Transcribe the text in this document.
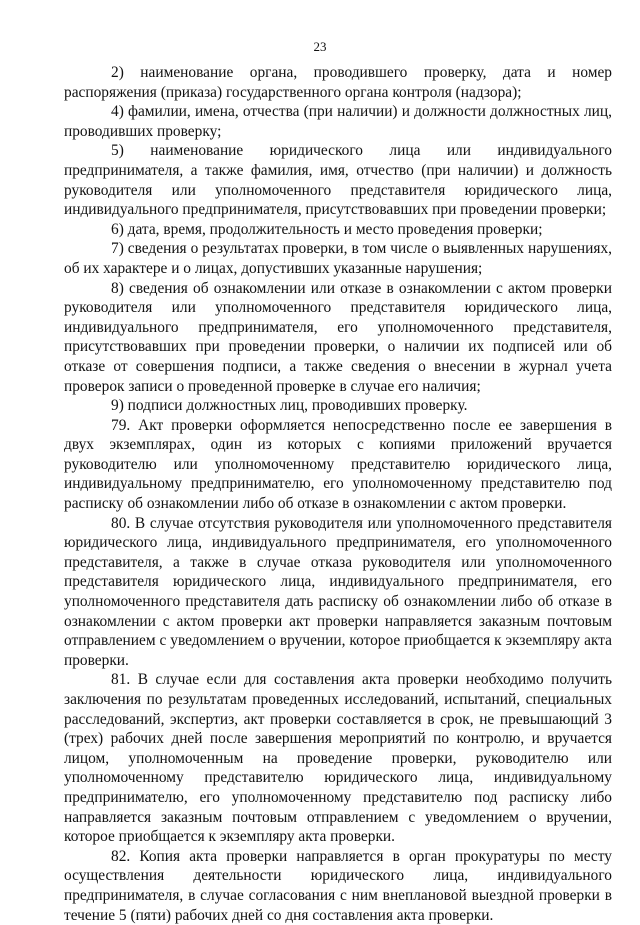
23

2) наименование органа, проводившего проверку, дата и номер распоряжения (приказа) государственного органа контроля (надзора);

4) фамилии, имена, отчества (при наличии) и должности должностных лиц, проводивших проверку;

5) наименование юридического лица или индивидуального предпринимателя, а также фамилия, имя, отчество (при наличии) и должность руководителя или уполномоченного представителя юридического лица, индивидуального предпринимателя, присутствовавших при проведении проверки;

6) дата, время, продолжительность и место проведения проверки;

7) сведения о результатах проверки, в том числе о выявленных нарушениях, об их характере и о лицах, допустивших указанные нарушения;

8) сведения об ознакомлении или отказе в ознакомлении с актом проверки руководителя или уполномоченного представителя юридического лица, индивидуального предпринимателя, его уполномоченного представителя, присутствовавших при проведении проверки, о наличии их подписей или об отказе от совершения подписи, а также сведения о внесении в журнал учета проверок записи о проведенной проверке в случае его наличия;

9) подписи должностных лиц, проводивших проверку.

79. Акт проверки оформляется непосредственно после ее завершения в двух экземплярах, один из которых с копиями приложений вручается руководителю или уполномоченному представителю юридического лица, индивидуальному предпринимателю, его уполномоченному представителю под расписку об ознакомлении либо об отказе в ознакомлении с актом проверки.

80. В случае отсутствия руководителя или уполномоченного представителя юридического лица, индивидуального предпринимателя, его уполномоченного представителя, а также в случае отказа руководителя или уполномоченного представителя юридического лица, индивидуального предпринимателя, его уполномоченного представителя дать расписку об ознакомлении либо об отказе в ознакомлении с актом проверки акт проверки направляется заказным почтовым отправлением с уведомлением о вручении, которое приобщается к экземпляру акта проверки.

81. В случае если для составления акта проверки необходимо получить заключения по результатам проведенных исследований, испытаний, специальных расследований, экспертиз, акт проверки составляется в срок, не превышающий 3 (трех) рабочих дней после завершения мероприятий по контролю, и вручается лицом, уполномоченным на проведение проверки, руководителю или уполномоченному представителю юридического лица, индивидуальному предпринимателю, его уполномоченному представителю под расписку либо направляется заказным почтовым отправлением с уведомлением о вручении, которое приобщается к экземпляру акта проверки.

82. Копия акта проверки направляется в орган прокуратуры по месту осуществления деятельности юридического лица, индивидуального предпринимателя, в случае согласования с ним внеплановой выездной проверки в течение 5 (пяти) рабочих дней со дня составления акта проверки.
